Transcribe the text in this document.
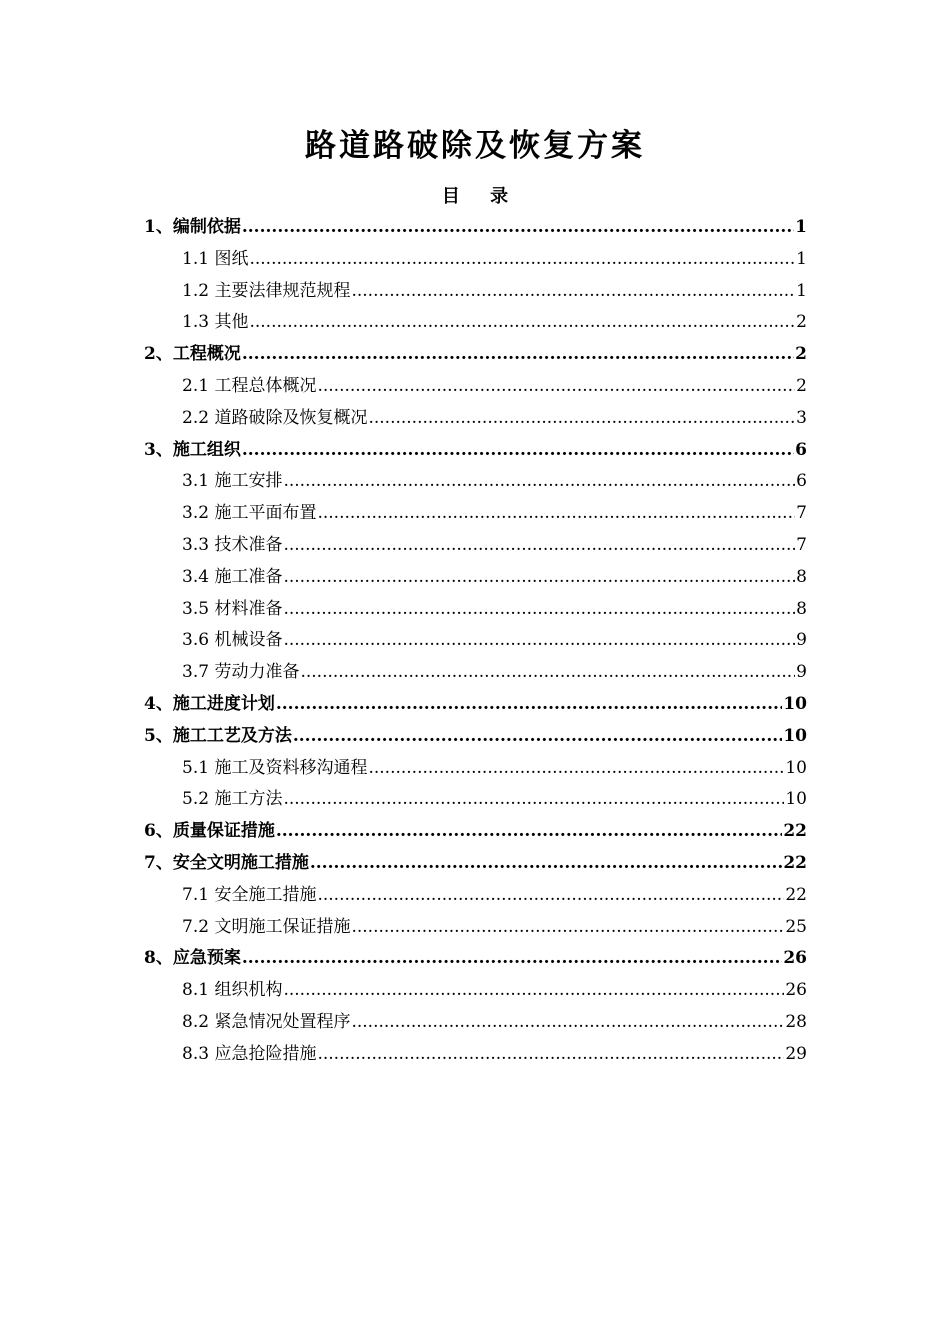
路道路破除及恢复方案
目 录
1、编制依据 .....	1
1.1 图纸 .....	1
1.2 主要法律规范规程 .....	1
1.3 其他 .....	2
2、工程概况 .....	2
2.1 工程总体概况 .....	2
2.2 道路破除及恢复概况 .....	3
3、施工组织 .....	6
3.1 施工安排 .....	6
3.2 施工平面布置 .....	7
3.3 技术准备 .....	7
3.4 施工准备 .....	8
3.5 材料准备 .....	8
3.6 机械设备 .....	9
3.7 劳动力准备 .....	9
4、施工进度计划 .....	10
5、施工工艺及方法 .....	10
5.1 施工及资料移沟通程 .....	10
5.2 施工方法 .....	10
6、质量保证措施 .....	22
7、安全文明施工措施 .....	22
7.1 安全施工措施 .....	22
7.2 文明施工保证措施 .....	25
8、应急预案 .....	26
8.1 组织机构 .....	26
8.2 紧急情况处置程序 .....	28
8.3 应急抢险措施 .....	29
